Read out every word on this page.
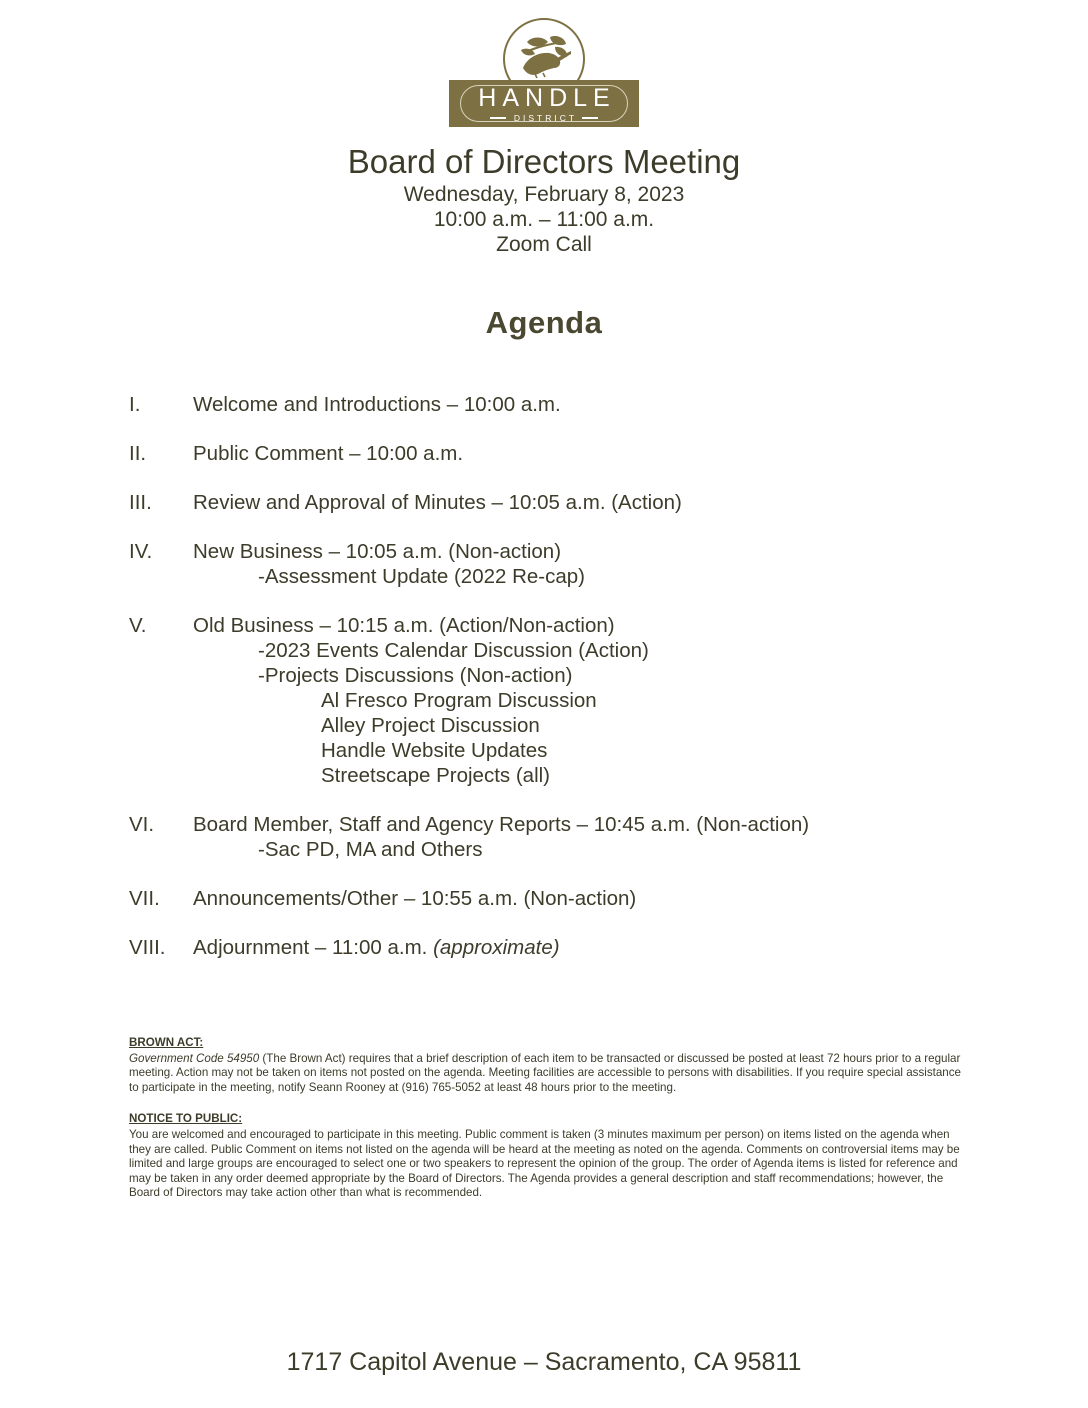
HANDLE
DISTRICT
Board of Directors Meeting
Wednesday, February 8, 2023
10:00 a.m. – 11:00 a.m.
Zoom Call
Agenda
I.	Welcome and Introductions – 10:00 a.m.
II.	Public Comment – 10:00 a.m.
III.	Review and Approval of Minutes – 10:05 a.m. (Action)
IV.	New Business – 10:05 a.m. (Non-action)
-Assessment Update (2022 Re-cap)
V.	Old Business – 10:15 a.m. (Action/Non-action)
-2023 Events Calendar Discussion (Action)
-Projects Discussions (Non-action)
Al Fresco Program Discussion
Alley Project Discussion
Handle Website Updates
Streetscape Projects (all)
VI.	Board Member, Staff and Agency Reports – 10:45 a.m. (Non-action)
-Sac PD, MA and Others
VII.	Announcements/Other – 10:55 a.m. (Non-action)
VIII.	Adjournment – 11:00 a.m. (approximate)
BROWN ACT:
Government Code 54950 (The Brown Act) requires that a brief description of each item to be transacted or discussed be posted at least 72 hours prior to a regular meeting. Action may not be taken on items not posted on the agenda. Meeting facilities are accessible to persons with disabilities. If you require special assistance to participate in the meeting, notify Seann Rooney at (916) 765-5052 at least 48 hours prior to the meeting.
NOTICE TO PUBLIC:
You are welcomed and encouraged to participate in this meeting. Public comment is taken (3 minutes maximum per person) on items listed on the agenda when they are called. Public Comment on items not listed on the agenda will be heard at the meeting as noted on the agenda. Comments on controversial items may be limited and large groups are encouraged to select one or two speakers to represent the opinion of the group. The order of Agenda items is listed for reference and may be taken in any order deemed appropriate by the Board of Directors. The Agenda provides a general description and staff recommendations; however, the Board of Directors may take action other than what is recommended.
1717 Capitol Avenue – Sacramento, CA 95811
